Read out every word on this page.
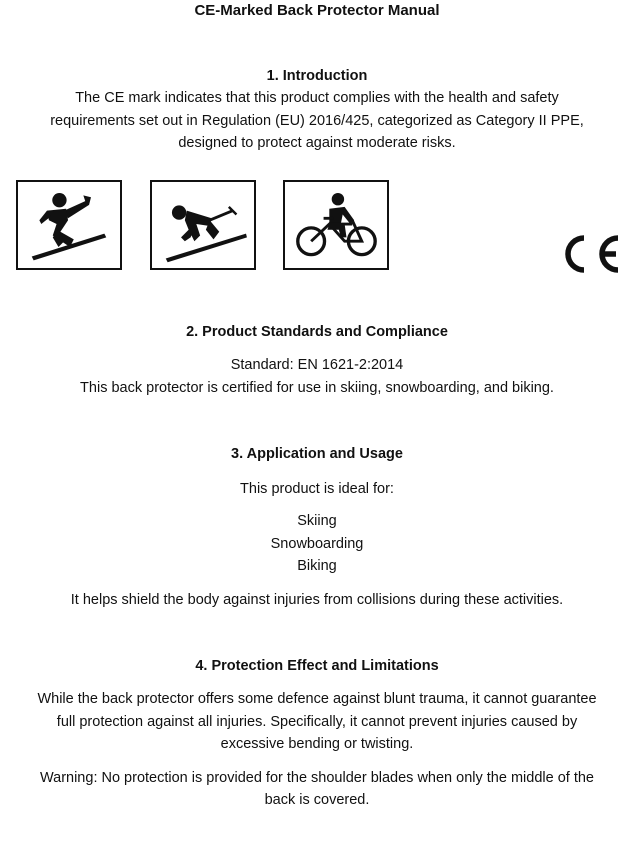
CE-Marked Back Protector Manual
1. Introduction
The CE mark indicates that this product complies with the health and safety
requirements set out in Regulation (EU) 2016/425, categorized as Category II PPE,
designed to protect against moderate risks.
2. Product Standards and Compliance
Standard: EN 1621-2:2014
This back protector is certified for use in skiing, snowboarding, and biking.
3. Application and Usage
This product is ideal for:
Skiing
Snowboarding
Biking
It helps shield the body against injuries from collisions during these activities.
4. Protection Effect and Limitations
While the back protector offers some defence against blunt trauma, it cannot guarantee
full protection against all injuries. Specifically, it cannot prevent injuries caused by
excessive bending or twisting.
Warning: No protection is provided for the shoulder blades when only the middle of the
back is covered.
